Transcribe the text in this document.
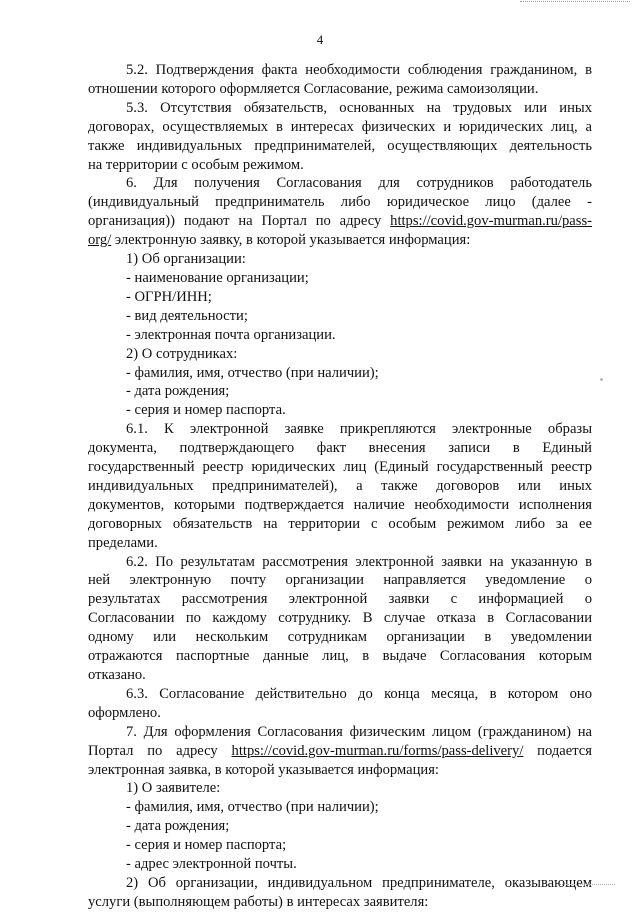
4

5.2. Подтверждения факта необходимости соблюдения гражданином, в

отношении которого оформляется Согласование, режима самоизоляции.

5.3. Отсутствия обязательств, основанных на трудовых или иных

договорах, осуществляемых в интересах физических и юридических лиц, а

также индивидуальных предпринимателей, осуществляющих деятельность

на территории с особым режимом.

6. Для получения Согласования для сотрудников работодатель

(индивидуальный предприниматель либо юридическое лицо (далее -

организация)) подают на Портал по адресу https://covid.gov-murman.ru/pass-

org/ электронную заявку, в которой указывается информация:

1) Об организации:

- наименование организации;

- ОГРН/ИНН;

- вид деятельности;

- электронная почта организации.

2) О сотрудниках:

- фамилия, имя, отчество (при наличии);

- дата рождения;

- серия и номер паспорта.

6.1. К электронной заявке прикрепляются электронные образы

документа, подтверждающего факт внесения записи в Единый

государственный реестр юридических лиц (Единый государственный реестр

индивидуальных предпринимателей), а также договоров или иных

документов, которыми подтверждается наличие необходимости исполнения

договорных обязательств на территории с особым режимом либо за ее

пределами.

6.2. По результатам рассмотрения электронной заявки на указанную в

ней электронную почту организации направляется уведомление о

результатах рассмотрения электронной заявки с информацией о

Согласовании по каждому сотруднику. В случае отказа в Согласовании

одному или нескольким сотрудникам организации в уведомлении

отражаются паспортные данные лиц, в выдаче Согласования которым

отказано.

6.3. Согласование действительно до конца месяца, в котором оно

оформлено.

7. Для оформления Согласования физическим лицом (гражданином) на

Портал по адресу https://covid.gov-murman.ru/forms/pass-delivery/ подается

электронная заявка, в которой указывается информация:

1) О заявителе:

- фамилия, имя, отчество (при наличии);

- дата рождения;

- серия и номер паспорта;

- адрес электронной почты.

2) Об организации, индивидуальном предпринимателе, оказывающем

услуги (выполняющем работы) в интересах заявителя:
